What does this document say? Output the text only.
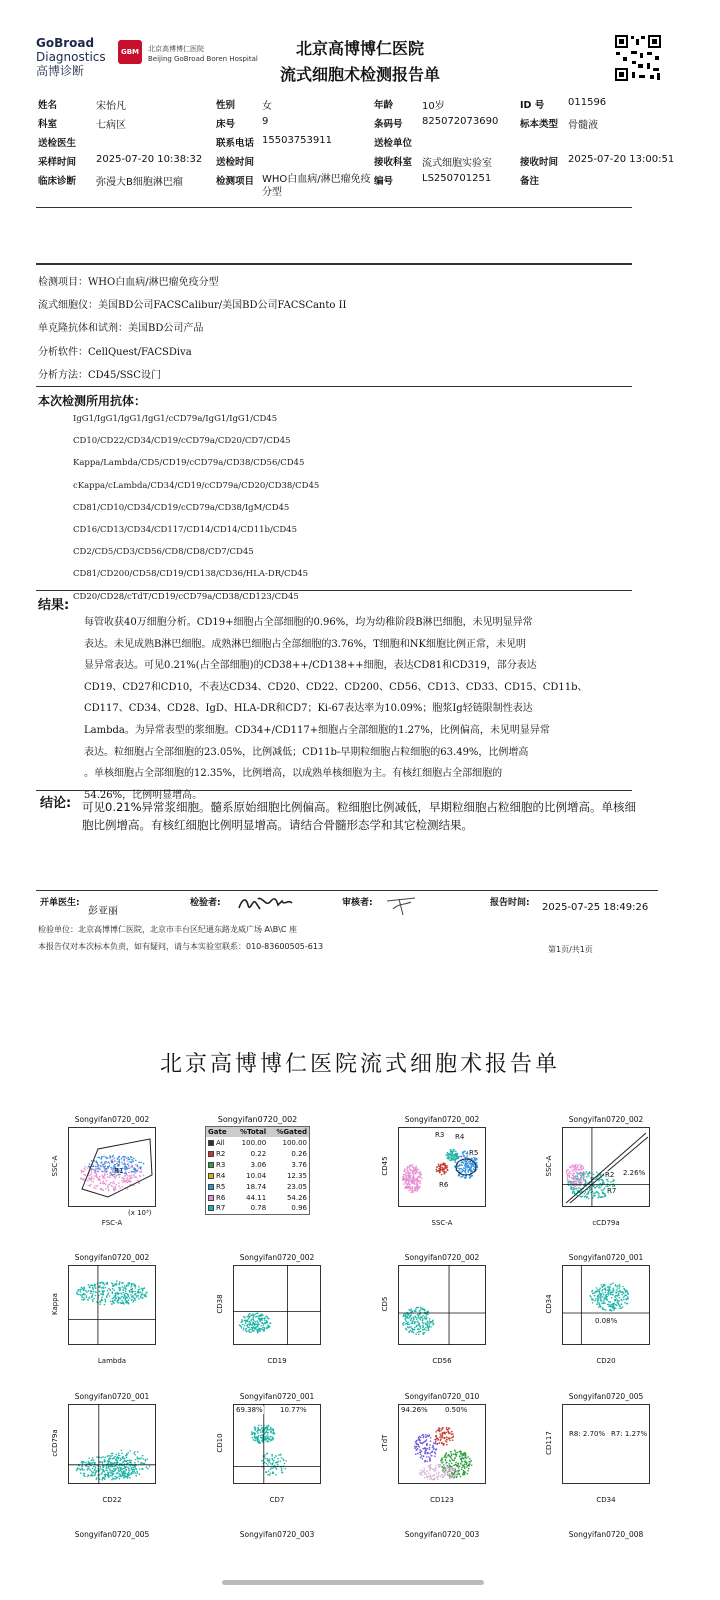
GoBroad
Diagnostics
高博诊断
GBM	北京高博博仁医院
Beijing GoBroad Boren Hospital
北京高博博仁医院
流式细胞术检测报告单
姓名	宋怡凡	性别	女	年龄	10岁	ID 号	011596
科室	七病区	床号	9	条码号	825072073690	标本类型	骨髓液
送检医生		联系电话	15503753911	送检单位			
采样时间	2025-07-20 10:38:32	送检时间		接收科室	流式细胞实验室	接收时间	2025-07-20 13:00:51
临床诊断	弥漫大B细胞淋巴瘤	检测项目	WHO白血病/淋巴瘤免疫分型	编号	LS250701251	备注	
检测项目：WHO白血病/淋巴瘤免疫分型
流式细胞仪：美国BD公司FACSCalibur/美国BD公司FACSCanto II
单克隆抗体和试剂：美国BD公司产品
分析软件：CellQuest/FACSDiva
分析方法：CD45/SSC设门
本次检测所用抗体：
IgG1/IgG1/IgG1/IgG1/cCD79a/IgG1/IgG1/CD45
CD10/CD22/CD34/CD19/cCD79a/CD20/CD7/CD45
Kappa/Lambda/CD5/CD19/cCD79a/CD38/CD56/CD45
cKappa/cLambda/CD34/CD19/cCD79a/CD20/CD38/CD45
CD81/CD10/CD34/CD19/cCD79a/CD38/IgM/CD45
CD16/CD13/CD34/CD117/CD14/CD14/CD11b/CD45
CD2/CD5/CD3/CD56/CD8/CD8/CD7/CD45
CD81/CD200/CD58/CD19/CD138/CD36/HLA-DR/CD45
CD20/CD28/cTdT/CD19/cCD79a/CD38/CD123/CD45
结果:
每管收获40万细胞分析。CD19+细胞占全部细胞的0.96%，均为幼稚阶段B淋巴细胞，未见明显异常
表达。未见成熟B淋巴细胞。成熟淋巴细胞占全部细胞的3.76%，T细胞和NK细胞比例正常，未见明
显异常表达。可见0.21%(占全部细胞)的CD38++/CD138++细胞，表达CD81和CD319，部分表达
CD19、CD27和CD10，不表达CD34、CD20、CD22、CD200、CD56、CD13、CD33、CD15、CD11b、
CD117、CD34、CD28、IgD、HLA-DR和CD7；Ki-67表达率为10.09%；胞浆Ig轻链限制性表达
Lambda。为异常表型的浆细胞。CD34+/CD117+细胞占全部细胞的1.27%，比例偏高，未见明显异常
表达。粒细胞占全部细胞的23.05%，比例减低；CD11b-早期粒细胞占粒细胞的63.49%，比例增高
。单核细胞占全部细胞的12.35%，比例增高，以成熟单核细胞为主。有核红细胞占全部细胞的
54.26%，比例明显增高。
结论: 可见0.21%异常浆细胞。髓系原始细胞比例偏高。粒细胞比例减低，早期粒细胞占粒细胞的比例增高。单核细胞比例增高。有核红细胞比例明显增高。请结合骨髓形态学和其它检测结果。
开单医生:
彭亚丽
检验者:	审核者:	报告时间: 2025-07-25 18:49:26
检验单位：北京高博博仁医院，北京市丰台区纪通东路龙威广场 A\B\C 座
本报告仅对本次标本负责，如有疑问，请与本实验室联系：010-83600505-613	第1页/共1页
北京高博博仁医院流式细胞术报告单
Songyifan0720_002
Gate	%Total	%Gated
All	100.00	100.00
R2	0.22	0.26
R3	3.06	3.76
R4	10.04	12.35
R5	18.74	23.05
R6	44.11	54.26
R7	0.78	0.96
Songyifan0720_002
FSC-A
SSC-A	R1
(x 10³)
Songyifan0720_002
SSC-A
CD45
R3 R4
R5
R6
Songyifan0720_002
cCD79a
SSC-A	R2 2.26%
R7
Songyifan0720_002
Lambda
Kappa
Songyifan0720_002
CD19
CD38
Songyifan0720_002
CD56
CD5
Songyifan0720_001
CD20
CD34
0.08%
Songyifan0720_001
CD22
cCD79a
Songyifan0720_001
CD7
CD10
69.38% 10.77%
Songyifan0720_010
CD123
cTdT
94.26% 0.50%
Songyifan0720_005
CD34
CD117 R8: 2.70% R7: 1.27%
Songyifan0720_005	Songyifan0720_003	Songyifan0720_003	Songyifan0720_008
